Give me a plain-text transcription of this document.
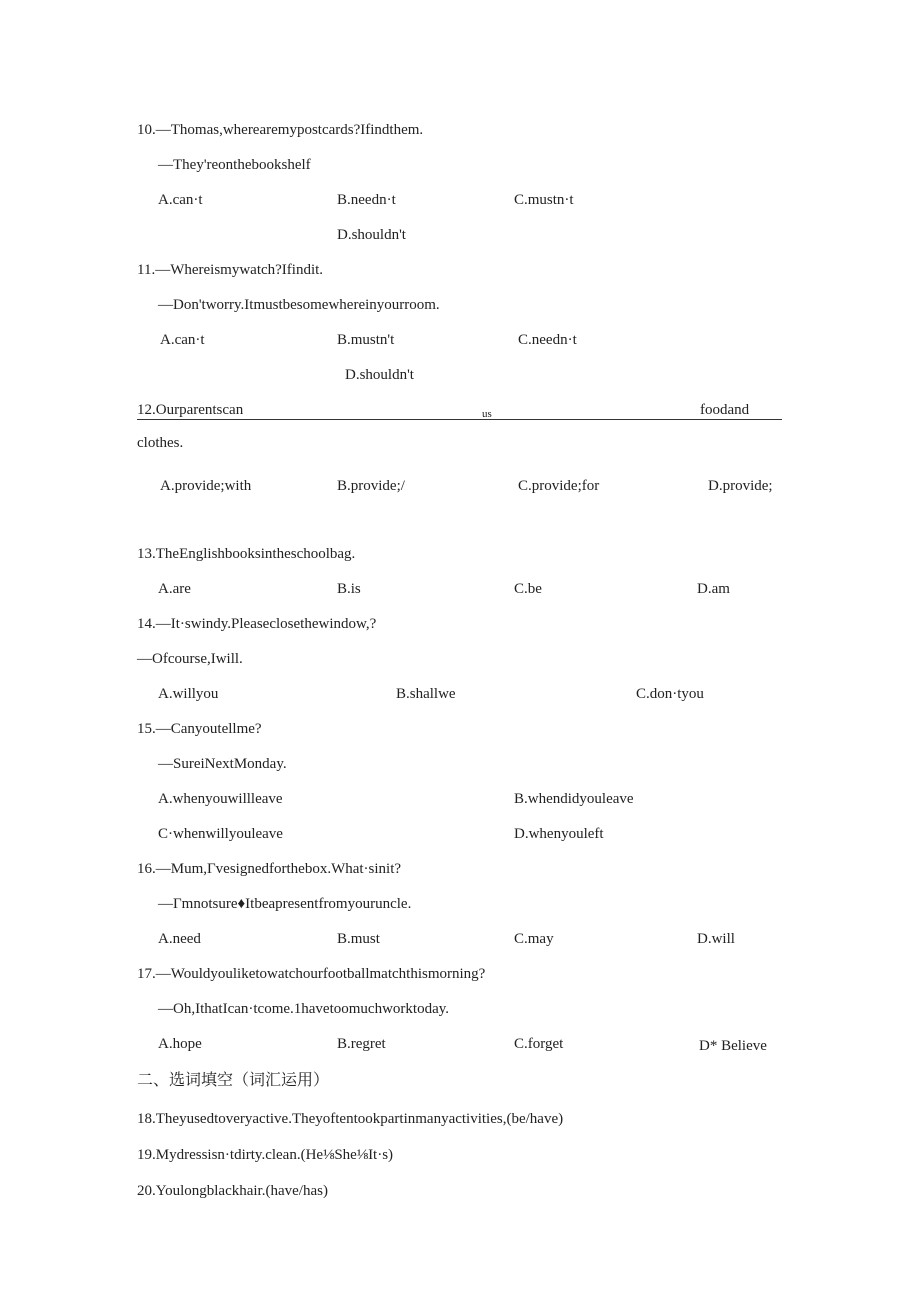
10.—Thomas,wherearemypostcards?Ifindthem.
—They'reonthebookshelf
A.can·t	B.needn·t	C.mustn·t
D.shouldn't
11.—Whereismywatch?Ifindit.
—Don'tworry.Itmustbesomewhereinyourroom.
A.can·t	B.mustn't	C.needn·t
D.shouldn't
12.Ourparentscan	us	foodand
clothes.
A.provide;with	B.provide;/	C.provide;for	D.provide;
13.TheEnglishbooksintheschoolbag.
A.are	B.is	C.be	D.am
14.—It·swindy.Pleaseclosethewindow,?
—Ofcourse,Iwill.
A.willyou	B.shallwe	C.don·tyou
15.—Canyoutellme?
—SureiNextMonday.
A.whenyouwillleave	B.whendidyouleave
C·whenwillyouleave	D.whenyouleft
16.—Mum,Γvesignedforthebox.What·sinit?
—Γmnotsure♦Itbeapresentfromyouruncle.
A.need	B.must	C.may	D.will
17.—Wouldyouliketowatchourfootballmatchthismorning?
—Oh,IthatIcan·tcome.1havetoomuchworktoday.
A.hope	B.regret	C.forget	D* Believe
二、选词填空（词汇运用）
18.Theyusedtoveryactive.Theyoftentookpartinmanyactivities,(be/have)
19.Mydressisn·tdirty.clean.(He⅛She⅛It·s)
20.Youlongblackhair.(have/has)
